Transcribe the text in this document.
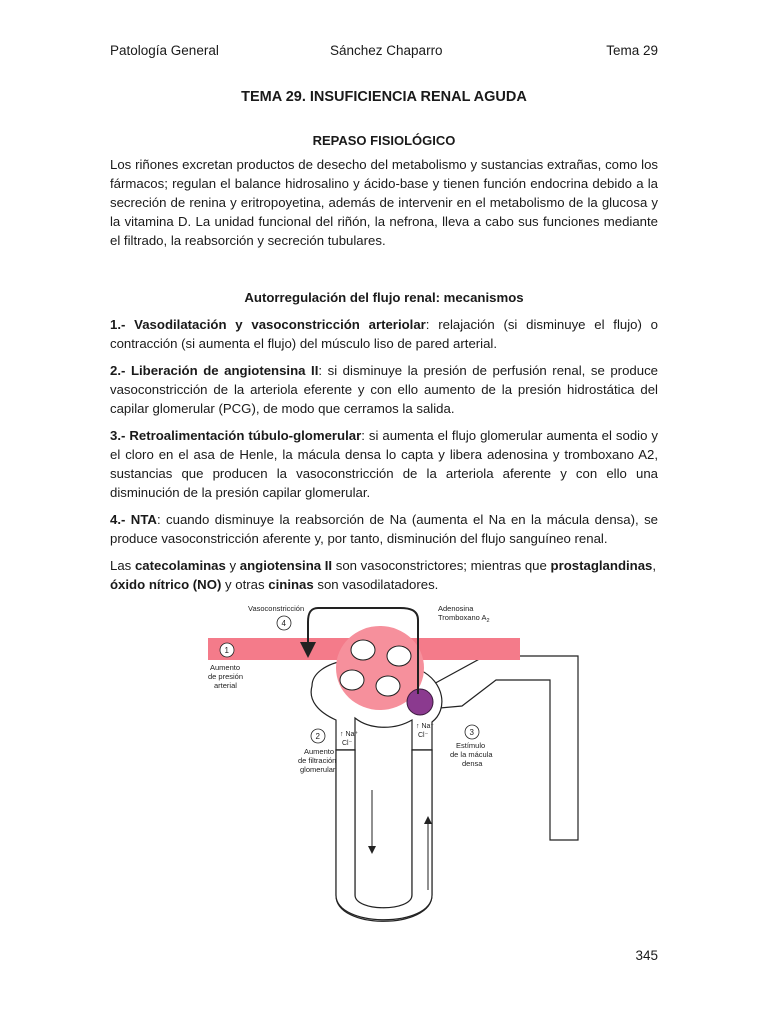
Patología General	Sánchez Chaparro	Tema 29
TEMA 29. INSUFICIENCIA RENAL AGUDA
REPASO FISIOLÓGICO

Los riñones excretan productos de desecho del metabolismo y sustancias extrañas, como los fármacos; regulan el balance hidrosalino y ácido-base y tienen función endocrina debido a la secreción de renina y eritropoyetina, además de intervenir en el metabolismo de la glucosa y la vitamina D. La unidad funcional del riñón, la nefrona, lleva a cabo sus funciones mediante el filtrado, la reabsorción y secreción tubulares.

Autorregulación del flujo renal: mecanismos

1.- Vasodilatación y vasoconstricción arteriolar: relajación (si disminuye el flujo) o contracción (si aumenta el flujo) del músculo liso de pared arterial.

2.- Liberación de angiotensina II: si disminuye la presión de perfusión renal, se produce vasoconstricción de la arteriola eferente y con ello aumento de la presión hidrostática del capilar glomerular (PCG), de modo que cerramos la salida.

3.- Retroalimentación túbulo-glomerular: si aumenta el flujo glomerular aumenta el sodio y el cloro en el asa de Henle, la mácula densa lo capta y libera adenosina y tromboxano A2, sustancias que producen la vasoconstricción de la arteriola aferente y con ello una disminución de la presión capilar glomerular.

4.- NTA: cuando disminuye la reabsorción de Na (aumenta el Na en la mácula densa), se produce vasoconstricción aferente y, por tanto, disminución del flujo sanguíneo renal.

Las catecolaminas y angiotensina II son vasoconstrictores; mientras que prostaglandinas, óxido nítrico (NO) y otras cininas son vasodilatadores.

Vasoconstricción
4
Adenosina
Tromboxano $A_2$
1
Aumento
de presión
arterial
↑ Na⁺
Cl⁻
↑ Na⁺
Cl⁻
2
Aumento
de filtración
glomerular
3
Estímulo
de la mácula
densa
345
